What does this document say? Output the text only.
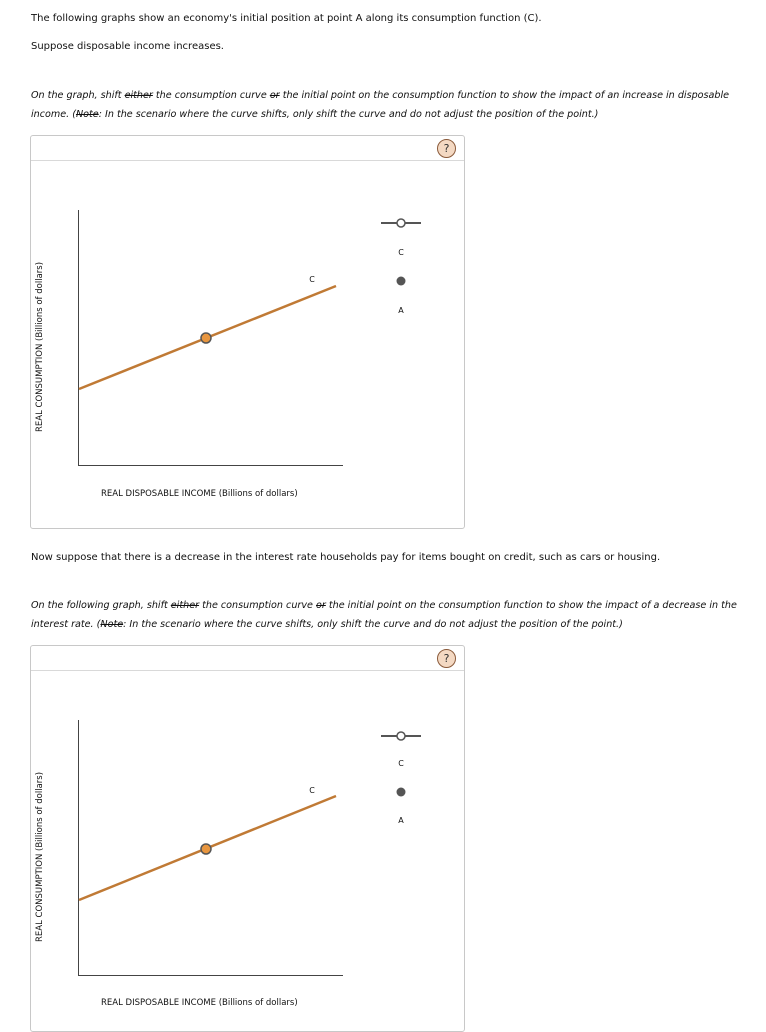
The following graphs show an economy's initial position at point A along its consumption function (C).
Suppose disposable income increases.
On the graph, shift either the consumption curve or the initial point on the consumption function to show the impact of an increase in disposable
income. (Note: In the scenario where the curve shifts, only shift the curve and do not adjust the position of the point.)
?
REAL CONSUMPTION (Billions of dollars)
REAL DISPOSABLE INCOME (Billions of dollars)
C
C
A
Now suppose that there is a decrease in the interest rate households pay for items bought on credit, such as cars or housing.
On the following graph, shift either the consumption curve or the initial point on the consumption function to show the impact of a decrease in the
interest rate. (Note: In the scenario where the curve shifts, only shift the curve and do not adjust the position of the point.)
?
REAL CONSUMPTION (Billions of dollars)
REAL DISPOSABLE INCOME (Billions of dollars)
C
C
A
